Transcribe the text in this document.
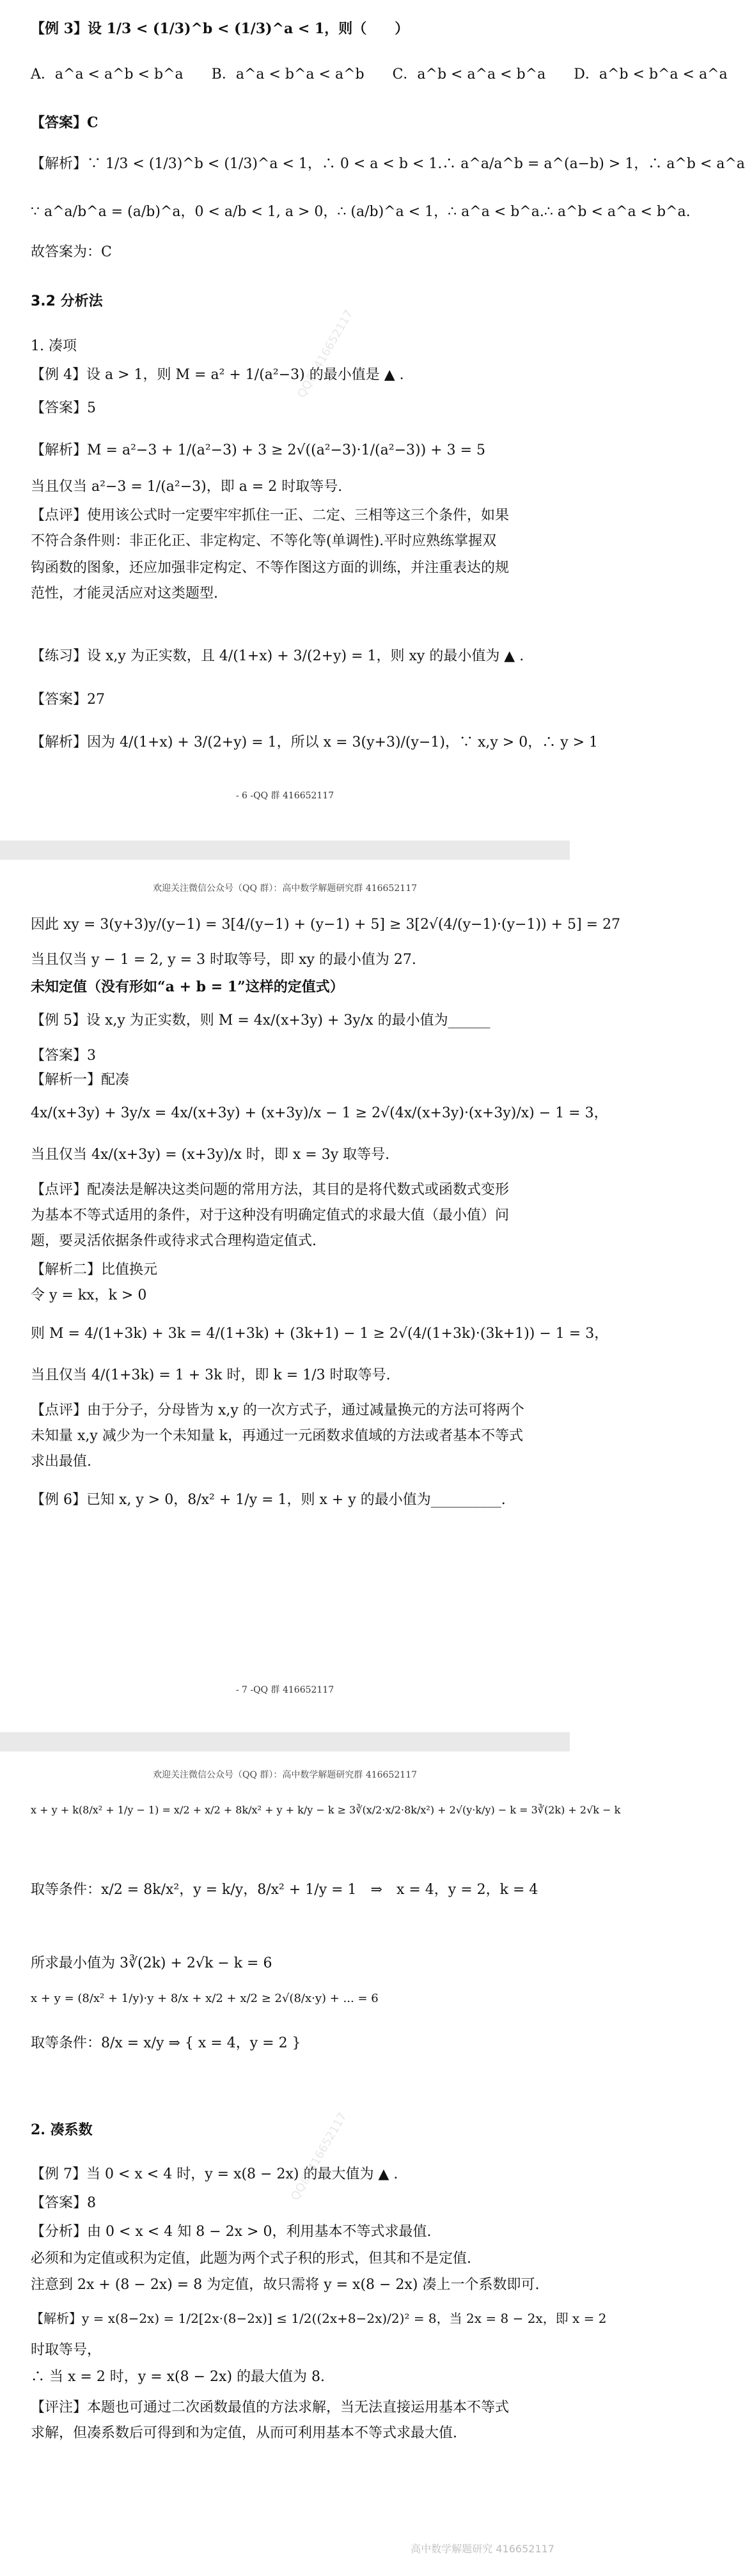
QQ群 416652117
【例 3】设 1/3 < (1/3)^b < (1/3)^a < 1，则（　　）
A．a^a < a^b < b^a　　B．a^a < b^a < a^b　　C．a^b < a^a < b^a　　D．a^b < b^a < a^a
【答案】C
【解析】∵ 1/3 < (1/3)^b < (1/3)^a < 1，∴ 0 < a < b < 1.∴ a^a/a^b = a^(a−b) > 1，∴ a^b < a^a
∵ a^a/b^a = (a/b)^a，0 < a/b < 1, a > 0，∴ (a/b)^a < 1，∴ a^a < b^a.∴ a^b < a^a < b^a.
故答案为：C
3.2 分析法
1. 凑项
【例 4】设 a > 1，则 M = a² + 1/(a²−3) 的最小值是 ▲ .
【答案】5
【解析】M = a²−3 + 1/(a²−3) + 3 ≥ 2√((a²−3)·1/(a²−3)) + 3 = 5
当且仅当 a²−3 = 1/(a²−3)，即 a = 2 时取等号.
【点评】使用该公式时一定要牢牢抓住一正、二定、三相等这三个条件，如果
不符合条件则：非正化正、非定构定、不等化等(单调性).平时应熟练掌握双
钩函数的图象，还应加强非定构定、不等作图这方面的训练，并注重表达的规
范性，才能灵活应对这类题型.
【练习】设 x,y 为正实数，且 4/(1+x) + 3/(2+y) = 1，则 xy 的最小值为 ▲ .
【答案】27
【解析】因为 4/(1+x) + 3/(2+y) = 1，所以 x = 3(y+3)/(y−1)，∵ x,y > 0，∴ y > 1
- 6 -QQ 群 416652117
欢迎关注微信公众号（QQ 群）：高中数学解题研究群 416652117
因此 xy = 3(y+3)y/(y−1) = 3[4/(y−1) + (y−1) + 5] ≥ 3[2√(4/(y−1)·(y−1)) + 5] = 27
当且仅当 y − 1 = 2, y = 3 时取等号，即 xy 的最小值为 27.
未知定值（没有形如“a + b = 1”这样的定值式）
【例 5】设 x,y 为正实数，则 M = 4x/(x+3y) + 3y/x 的最小值为______
【答案】3
【解析一】配凑
4x/(x+3y) + 3y/x = 4x/(x+3y) + (x+3y)/x − 1 ≥ 2√(4x/(x+3y)·(x+3y)/x) − 1 = 3，
当且仅当 4x/(x+3y) = (x+3y)/x 时，即 x = 3y 取等号.
【点评】配凑法是解决这类问题的常用方法，其目的是将代数式或函数式变形
为基本不等式适用的条件，对于这种没有明确定值式的求最大值（最小值）问
题，要灵活依据条件或待求式合理构造定值式.
【解析二】比值换元
令 y = kx，k > 0
则 M = 4/(1+3k) + 3k = 4/(1+3k) + (3k+1) − 1 ≥ 2√(4/(1+3k)·(3k+1)) − 1 = 3，
当且仅当 4/(1+3k) = 1 + 3k 时，即 k = 1/3 时取等号.
【点评】由于分子，分母皆为 x,y 的一次方式子，通过减量换元的方法可将两个
未知量 x,y 减少为一个未知量 k，再通过一元函数求值域的方法或者基本不等式
求出最值.
【例 6】已知 x, y > 0，8/x² + 1/y = 1，则 x + y 的最小值为__________.
- 7 -QQ 群 416652117
欢迎关注微信公众号（QQ 群）：高中数学解题研究群 416652117
QQ群 416652117
x + y + k(8/x² + 1/y − 1) = x/2 + x/2 + 8k/x² + y + k/y − k ≥ 3∛(x/2·x/2·8k/x²) + 2√(y·k/y) − k = 3∛(2k) + 2√k − k
取等条件：x/2 = 8k/x²，y = k/y，8/x² + 1/y = 1　⇒　x = 4，y = 2，k = 4
所求最小值为 3∛(2k) + 2√k − k = 6
x + y = (8/x² + 1/y)·y + 8/x + x/2 + x/2 ≥ 2√(8/x·y) + ... = 6
取等条件：8/x = x/y ⇒ { x = 4，y = 2 }
2. 凑系数
【例 7】当 0 < x < 4 时，y = x(8 − 2x) 的最大值为 ▲ .
【答案】8
【分析】由 0 < x < 4 知 8 − 2x > 0，利用基本不等式求最值.
必须和为定值或积为定值，此题为两个式子积的形式，但其和不是定值.
注意到 2x + (8 − 2x) = 8 为定值，故只需将 y = x(8 − 2x) 凑上一个系数即可.
【解析】y = x(8−2x) = 1/2[2x·(8−2x)] ≤ 1/2((2x+8−2x)/2)² = 8，当 2x = 8 − 2x，即 x = 2
时取等号，
∴ 当 x = 2 时，y = x(8 − 2x) 的最大值为 8.
【评注】本题也可通过二次函数最值的方法求解，当无法直接运用基本不等式
求解，但凑系数后可得到和为定值，从而可利用基本不等式求最大值.
高中数学解题研究 416652117
